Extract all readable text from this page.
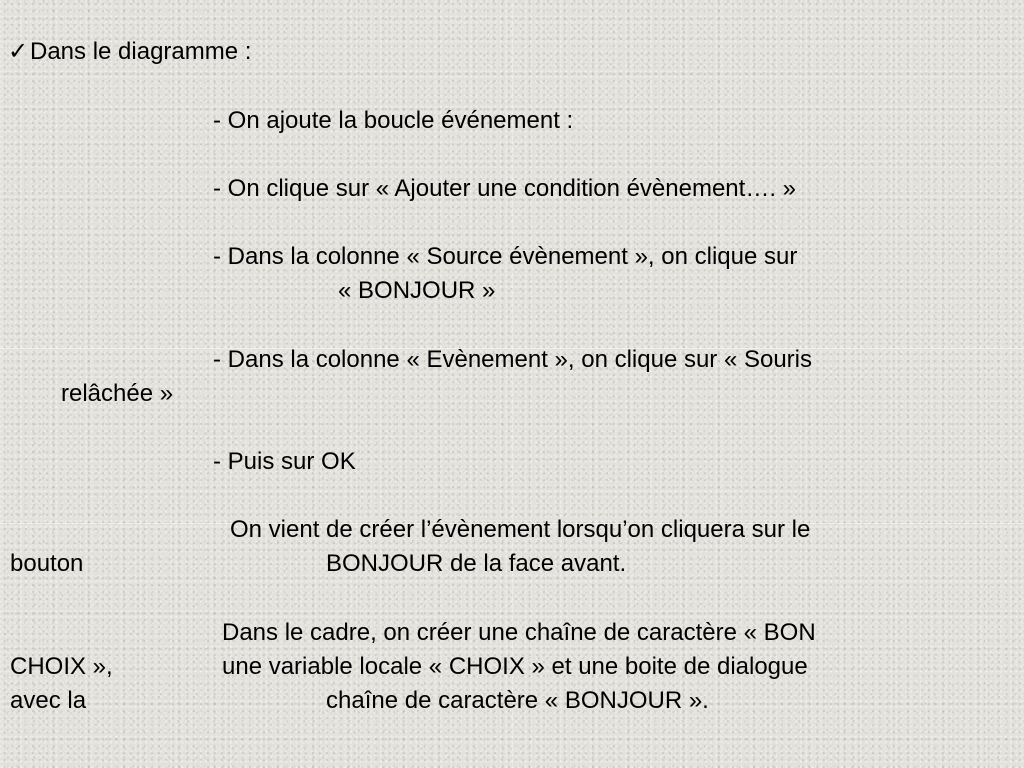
✓Dans le diagramme :

- On ajoute la boucle événement :

- On clique sur « Ajouter une condition évènement…. »

- Dans la colonne « Source évènement », on clique sur

« BONJOUR »

- Dans la colonne « Evènement », on clique sur « Souris

relâchée »

- Puis sur OK

On vient de créer l’évènement lorsqu’on cliquera sur le

bouton	BONJOUR de la face avant.

Dans le cadre, on créer une chaîne de caractère « BON

CHOIX »,	une variable locale « CHOIX » et une boite de dialogue

avec la	chaîne de caractère « BONJOUR ».
